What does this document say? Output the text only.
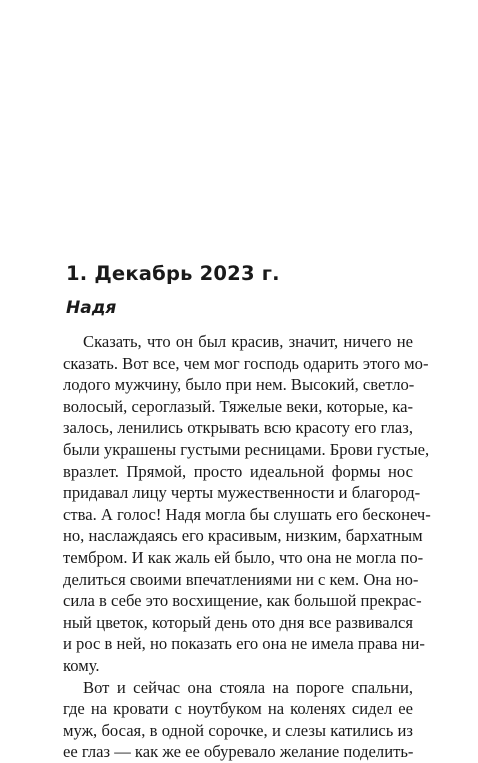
1. Декабрь 2023 г.
Надя
Сказать, что он был красив, значит, ничего не
сказать. Вот все, чем мог господь одарить этого мо-
лодого мужчину, было при нем. Высокий, светло-
волосый, сероглазый. Тяжелые веки, которые, ка-
залось, ленились открывать всю красоту его глаз,
были украшены густыми ресницами. Брови густые,
вразлет. Прямой, просто идеальной формы нос
придавал лицу черты мужественности и благород-
ства. А голос! Надя могла бы слушать его бесконеч-
но, наслаждаясь его красивым, низким, бархатным
тембром. И как жаль ей было, что она не могла по-
делиться своими впечатлениями ни с кем. Она но-
сила в себе это восхищение, как большой прекрас-
ный цветок, который день ото дня все развивался
и рос в ней, но показать его она не имела права ни-
кому.
Вот и сейчас она стояла на пороге спальни,
где на кровати с ноутбуком на коленях сидел ее
муж, босая, в одной сорочке, и слезы катились из
ее глаз — как же ее обуревало желание поделить-
